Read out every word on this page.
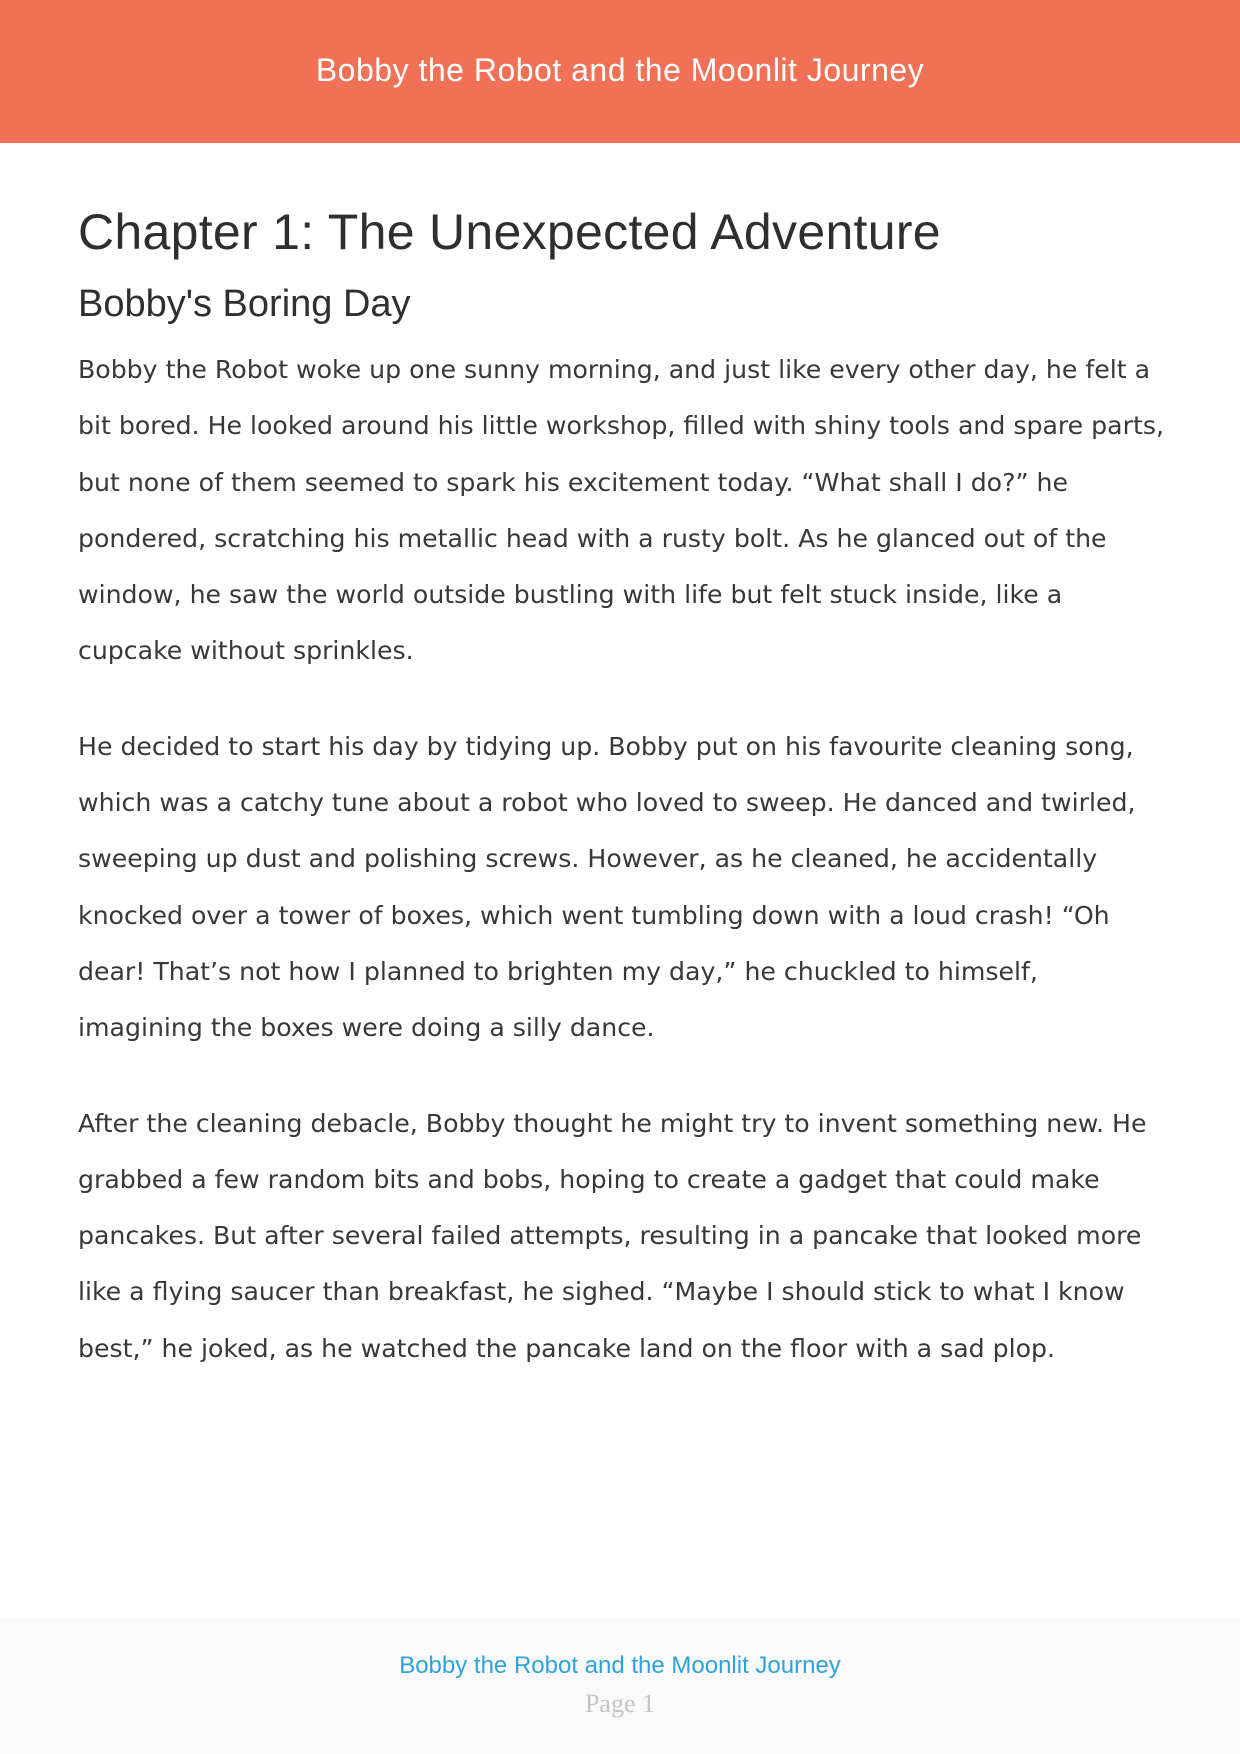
Bobby the Robot and the Moonlit Journey
Chapter 1: The Unexpected Adventure
Bobby's Boring Day

Bobby the Robot woke up one sunny morning, and just like every other day, he felt a bit bored. He looked around his little workshop, filled with shiny tools and spare parts, but none of them seemed to spark his excitement today. “What shall I do?” he pondered, scratching his metallic head with a rusty bolt. As he glanced out of the window, he saw the world outside bustling with life but felt stuck inside, like a cupcake without sprinkles.

He decided to start his day by tidying up. Bobby put on his favourite cleaning song, which was a catchy tune about a robot who loved to sweep. He danced and twirled, sweeping up dust and polishing screws. However, as he cleaned, he accidentally knocked over a tower of boxes, which went tumbling down with a loud crash! “Oh dear! That’s not how I planned to brighten my day,” he chuckled to himself, imagining the boxes were doing a silly dance.

After the cleaning debacle, Bobby thought he might try to invent something new. He grabbed a few random bits and bobs, hoping to create a gadget that could make pancakes. But after several failed attempts, resulting in a pancake that looked more like a flying saucer than breakfast, he sighed. “Maybe I should stick to what I know best,” he joked, as he watched the pancake land on the floor with a sad plop.

Bobby the Robot and the Moonlit Journey
Page 1
